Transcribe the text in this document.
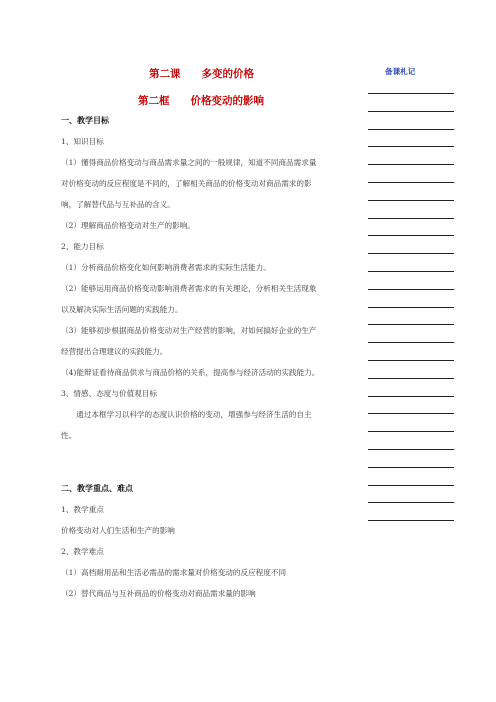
第二课　　多变的价格
第二框　　价格变动的影响
一、教学目标
1、知识目标
（1）懂得商品价格变动与商品需求量之间的一般规律，知道不同商品需求量
对价格变动的反应程度是不同的，了解相关商品的价格变动对商品需求的影
响，了解替代品与互补品的含义。
（2）理解商品价格变动对生产的影响。
2、能力目标
（1）分析商品价格变化如何影响消费者需求的实际生活能力。
（2）能够运用商品价格变动影响消费者需求的有关理论，分析相关生活现象
以及解决实际生活问题的实践能力。
（3）能够初步根据商品价格变动对生产经营的影响，对如何搞好企业的生产
经营提出合理建议的实践能力。
（4)能辩证看待商品供求与商品价格的关系，提高参与经济活动的实践能力。
3、情感、态度与价值观目标
　　通过本框学习以科学的态度认识价格的变动，增强参与经济生活的自主
性。
二、教学重点、难点
1、教学重点
价格变动对人们生活和生产的影响
2、教学难点
（1）高档耐用品和生活必需品的需求量对价格变动的反应程度不同
（2）替代商品与互补商品的价格变动对商品需求量的影响
备课札记
